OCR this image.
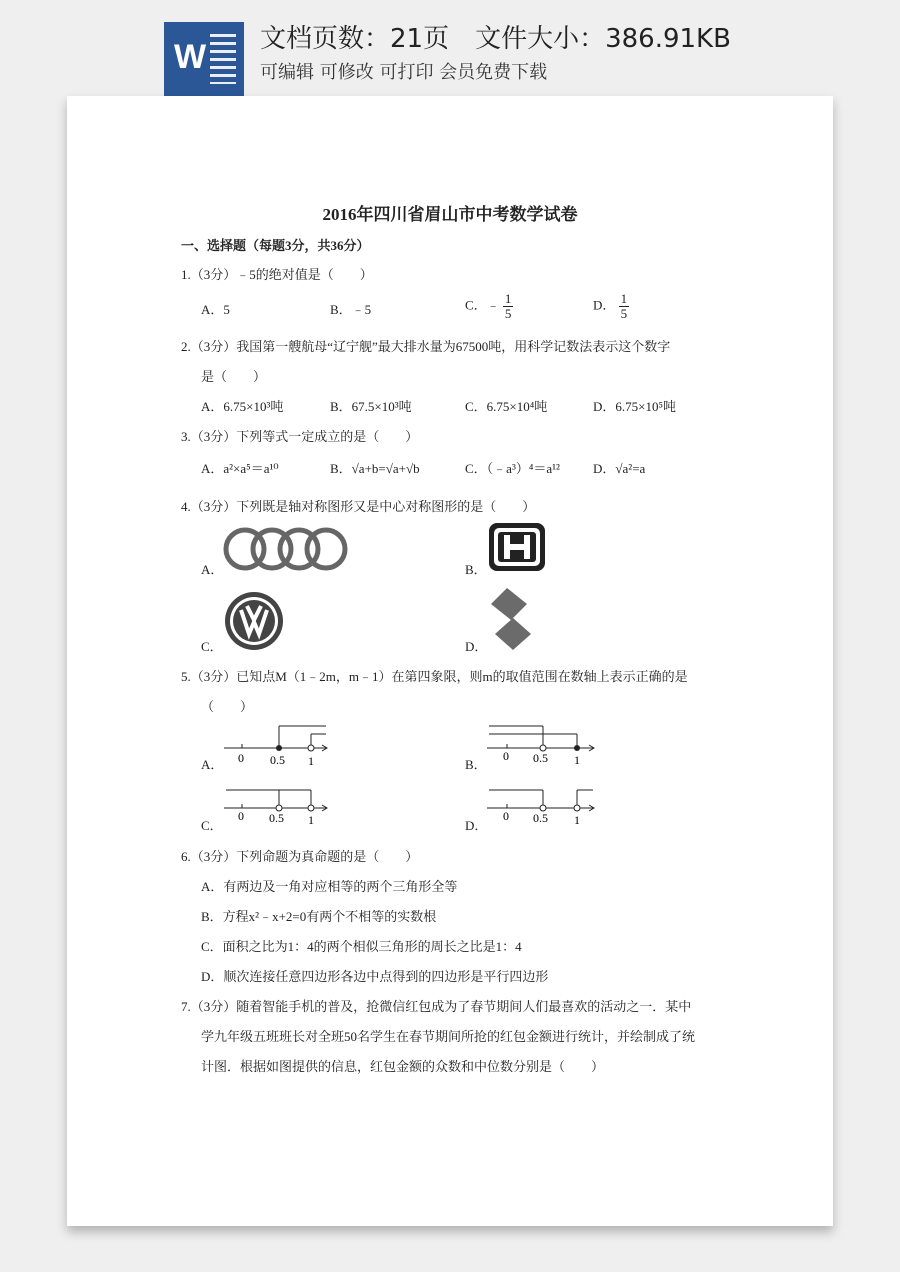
W 文档页数：21页　文件大小：386.91KB
可编辑 可修改 可打印 会员免费下载
2016年四川省眉山市中考数学试卷
一、选择题（每题3分，共36分）
1.（3分）﹣5的绝对值是（　　）
A．5	B．﹣5	C．﹣ $\frac{1}{5}$	D． $\frac{1}{5}$
2.（3分）我国第一艘航母“辽宁舰”最大排水量为67500吨，用科学记数法表示这个数字
是（　　）
A．6.75×10³吨	B．67.5×10³吨	C．6.75×10⁴吨	D．6.75×10⁵吨
3.（3分）下列等式一定成立的是（　　）
A．a²×a⁵＝a¹⁰	B．√a+b=√a+√b	C．（﹣a³）⁴＝a¹²	D．√a²=a
4.（3分）下列既是轴对称图形又是中心对称图形的是（　　）
A．	B．
C．	D．
5.（3分）已知点M（1﹣2m，m﹣1）在第四象限，则m的取值范围在数轴上表示正确的是
（　　）
A． 0 0.5 1	B．
0 0.5 1
C．
0 0.5 1	D．
0 0.5 1
6.（3分）下列命题为真命题的是（　　）
A．有两边及一角对应相等的两个三角形全等
B．方程x²﹣x+2=0有两个不相等的实数根
C．面积之比为1：4的两个相似三角形的周长之比是1：4
D．顺次连接任意四边形各边中点得到的四边形是平行四边形
7.（3分）随着智能手机的普及，抢微信红包成为了春节期间人们最喜欢的活动之一．某中
学九年级五班班长对全班50名学生在春节期间所抢的红包金额进行统计，并绘制成了统
计图．根据如图提供的信息，红包金额的众数和中位数分别是（　　）
